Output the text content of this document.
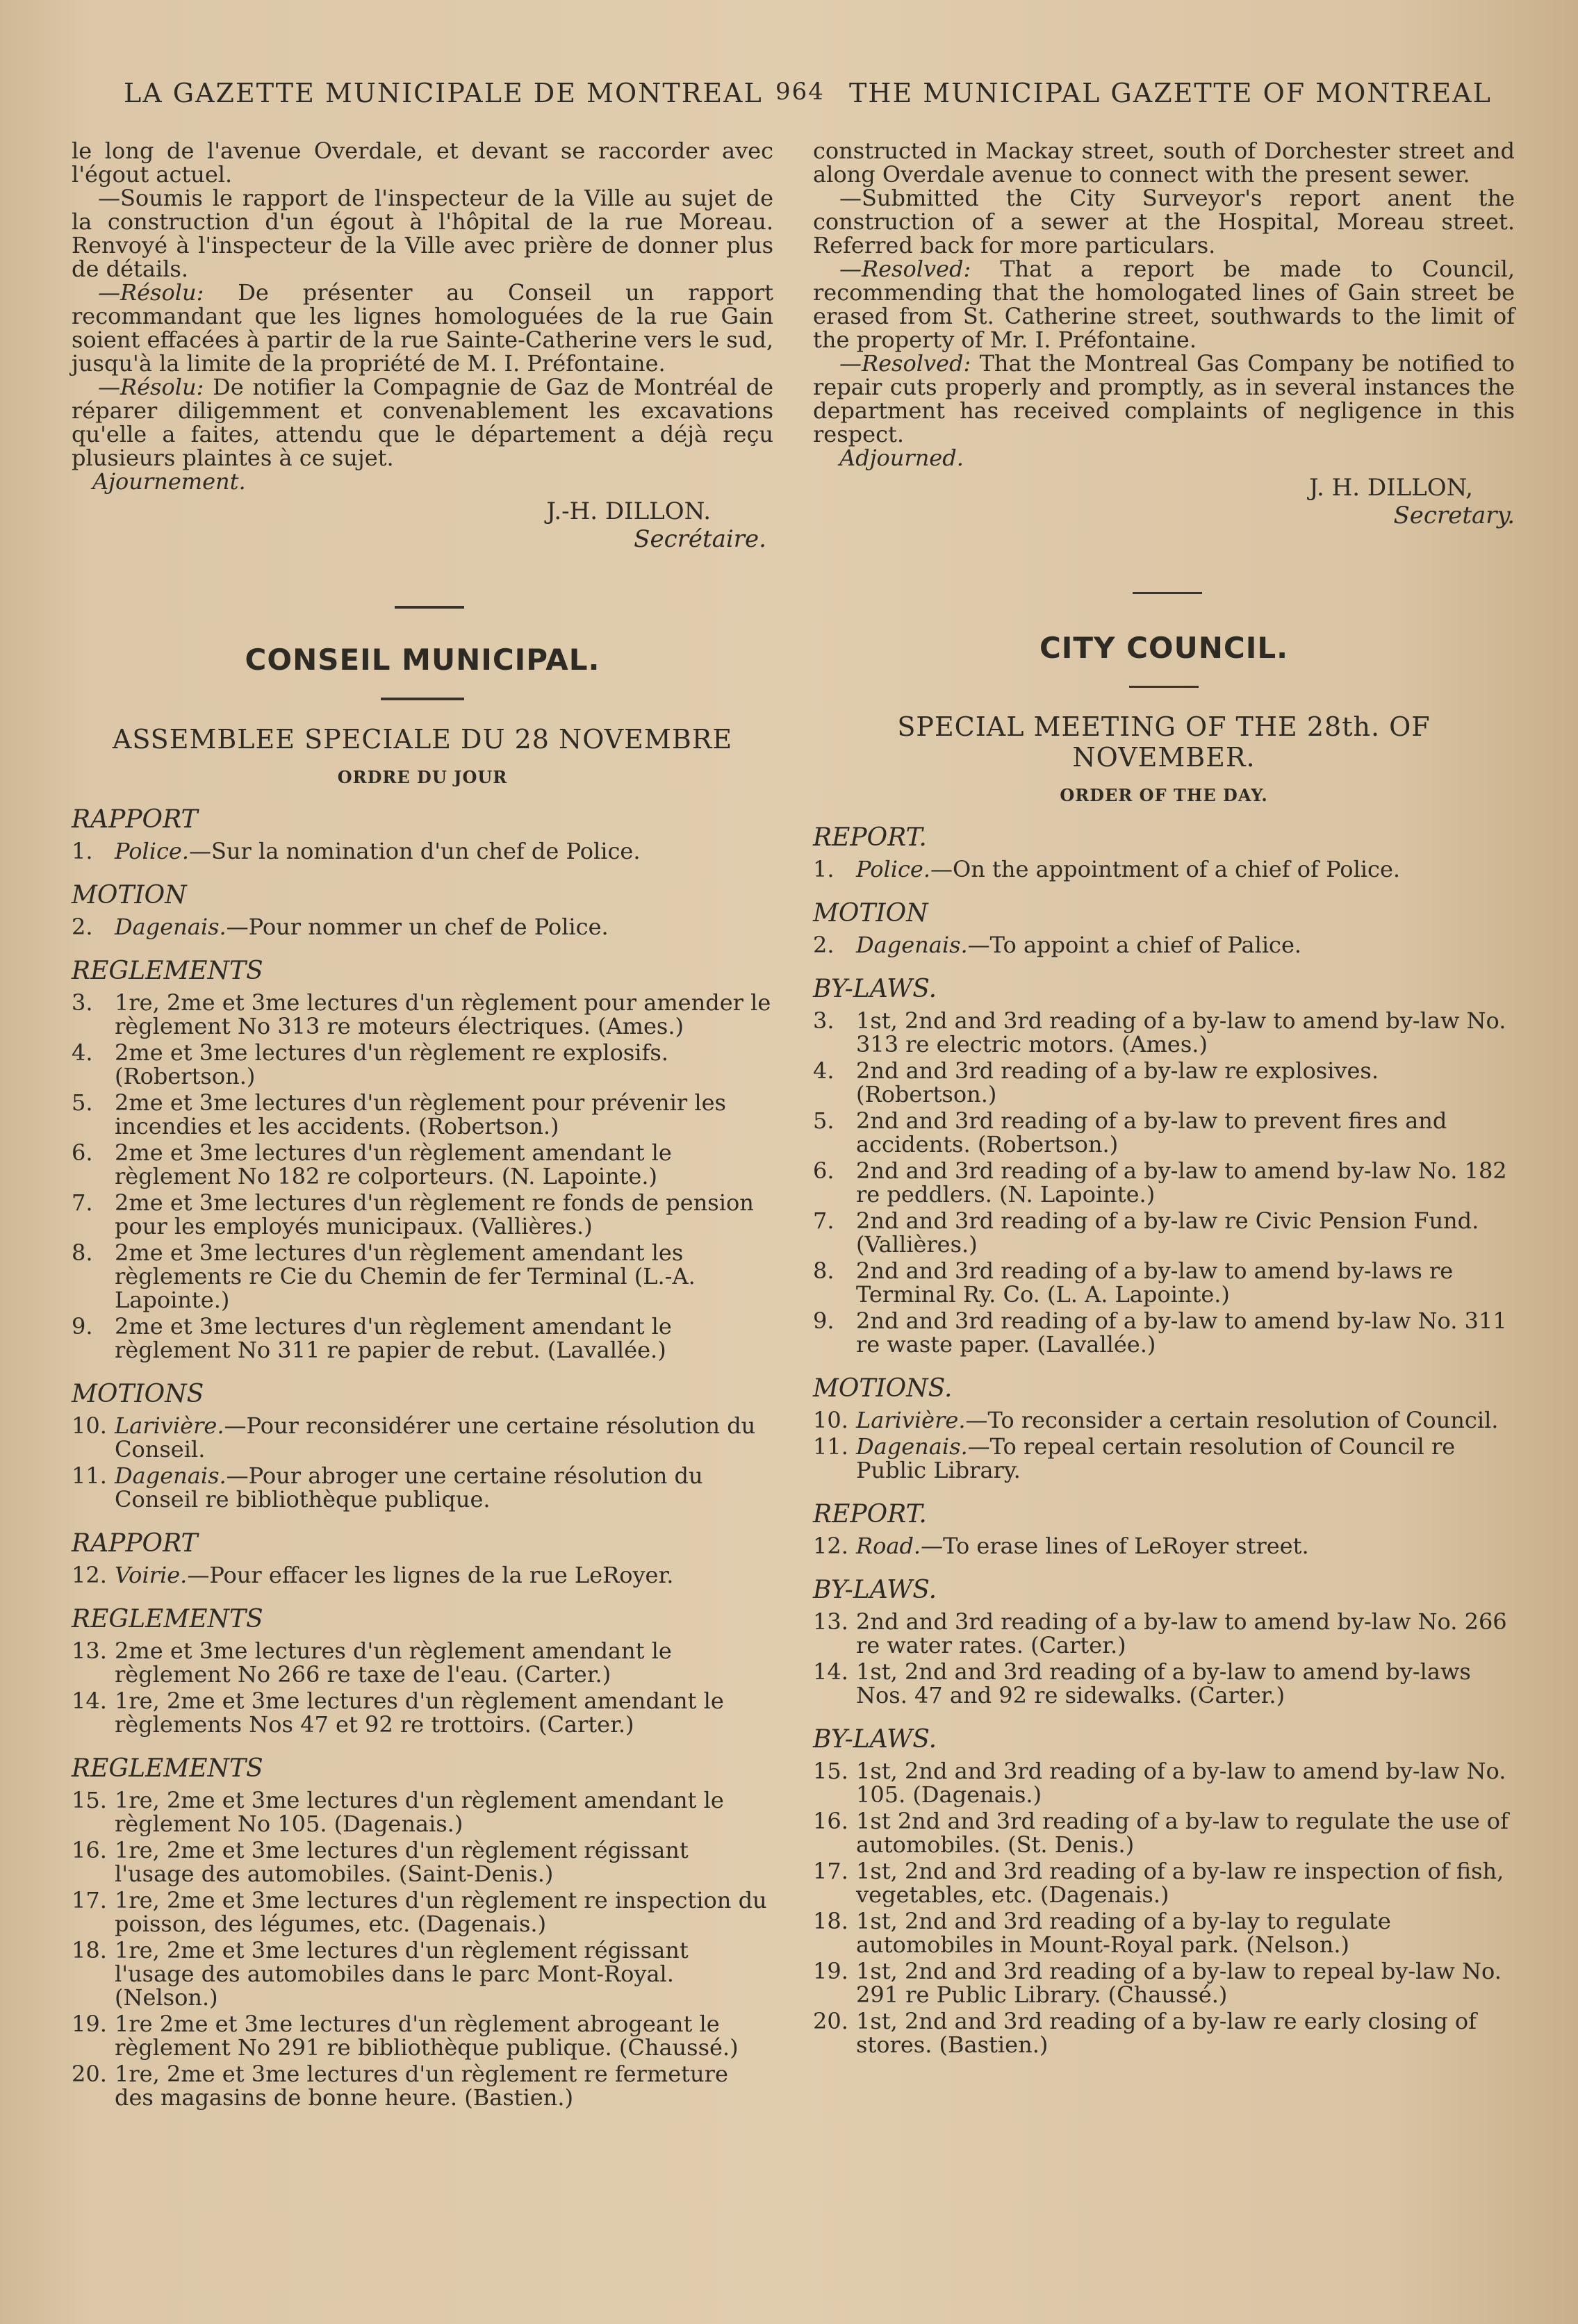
LA GAZETTE MUNICIPALE DE MONTREAL 964 THE MUNICIPAL GAZETTE OF MONTREAL

le long de l'avenue Overdale, et devant se raccorder avec l'égout actuel.

—Soumis le rapport de l'inspecteur de la Ville au sujet de la construction d'un égout à l'hôpital de la rue Moreau. Renvoyé à l'inspecteur de la Ville avec prière de donner plus de détails.

—Résolu: De présenter au Conseil un rapport recommandant que les lignes homologuées de la rue Gain soient effacées à partir de la rue Sainte-Catherine vers le sud, jusqu'à la limite de la propriété de M. I. Préfontaine.

—Résolu: De notifier la Compagnie de Gaz de Montréal de réparer diligemment et convenablement les excavations qu'elle a faites, attendu que le département a déjà reçu plusieurs plaintes à ce sujet.

Ajournement.

J.-H. DILLON.
Secrétaire.

constructed in Mackay street, south of Dorchester street and along Overdale avenue to connect with the present sewer.

—Submitted the City Surveyor's report anent the construction of a sewer at the Hospital, Moreau street. Referred back for more particulars.

—Resolved: That a report be made to Council, recommending that the homologated lines of Gain street be erased from St. Catherine street, southwards to the limit of the property of Mr. I. Préfontaine.

—Resolved: That the Montreal Gas Company be notified to repair cuts properly and promptly, as in several instances the department has received complaints of negligence in this respect.

Adjourned.

J. H. DILLON,
Secretary.
CONSEIL MUNICIPAL.
ASSEMBLEE SPECIALE DU 28 NOVEMBRE
ORDRE DU JOUR
RAPPORT
1. Police.—Sur la nomination d'un chef de Police.
MOTION
2. Dagenais.—Pour nommer un chef de Police.
REGLEMENTS
3. 1re, 2me et 3me lectures d'un règlement pour amender le règlement No 313 re moteurs électriques. (Ames.)
4. 2me et 3me lectures d'un règlement re explosifs. (Robertson.)
5. 2me et 3me lectures d'un règlement pour prévenir les incendies et les accidents. (Robertson.)
6. 2me et 3me lectures d'un règlement amendant le règlement No 182 re colporteurs. (N. Lapointe.)
7. 2me et 3me lectures d'un règlement re fonds de pension pour les employés municipaux. (Vallières.)
8. 2me et 3me lectures d'un règlement amendant les règlements re Cie du Chemin de fer Terminal (L.-A. Lapointe.)
9. 2me et 3me lectures d'un règlement amendant le règlement No 311 re papier de rebut. (Lavallée.)
MOTIONS
10. Larivière.—Pour reconsidérer une certaine résolution du Conseil.
11. Dagenais.—Pour abroger une certaine résolution du Conseil re bibliothèque publique.
RAPPORT
12. Voirie.—Pour effacer les lignes de la rue LeRoyer.
REGLEMENTS
13. 2me et 3me lectures d'un règlement amendant le règlement No 266 re taxe de l'eau. (Carter.)
14. 1re, 2me et 3me lectures d'un règlement amendant le règlements Nos 47 et 92 re trottoirs. (Carter.)
REGLEMENTS
15. 1re, 2me et 3me lectures d'un règlement amendant le règlement No 105. (Dagenais.)
16. 1re, 2me et 3me lectures d'un règlement régissant l'usage des automobiles. (Saint-Denis.)
17. 1re, 2me et 3me lectures d'un règlement re inspection du poisson, des légumes, etc. (Dagenais.)
18. 1re, 2me et 3me lectures d'un règlement régissant l'usage des automobiles dans le parc Mont-Royal. (Nelson.)
19. 1re 2me et 3me lectures d'un règlement abrogeant le règlement No 291 re bibliothèque publique. (Chaussé.)
20. 1re, 2me et 3me lectures d'un règlement re fermeture des magasins de bonne heure. (Bastien.)
CITY COUNCIL.
SPECIAL MEETING OF THE 28th. OF NOVEMBER.
ORDER OF THE DAY.
REPORT.
1. Police.—On the appointment of a chief of Police.
MOTION
2. Dagenais.—To appoint a chief of Palice.
BY-LAWS.
3. 1st, 2nd and 3rd reading of a by-law to amend by-law No. 313 re electric motors. (Ames.)
4. 2nd and 3rd reading of a by-law re explosives. (Robertson.)
5. 2nd and 3rd reading of a by-law to prevent fires and accidents. (Robertson.)
6. 2nd and 3rd reading of a by-law to amend by-law No. 182 re peddlers. (N. Lapointe.)
7. 2nd and 3rd reading of a by-law re Civic Pension Fund. (Vallières.)
8. 2nd and 3rd reading of a by-law to amend by-laws re Terminal Ry. Co. (L. A. Lapointe.)
9. 2nd and 3rd reading of a by-law to amend by-law No. 311 re waste paper. (Lavallée.)
MOTIONS.
10. Larivière.—To reconsider a certain resolution of Council.
11. Dagenais.—To repeal certain resolution of Council re Public Library.
REPORT.
12. Road.—To erase lines of LeRoyer street.
BY-LAWS.
13. 2nd and 3rd reading of a by-law to amend by-law No. 266 re water rates. (Carter.)
14. 1st, 2nd and 3rd reading of a by-law to amend by-laws Nos. 47 and 92 re sidewalks. (Carter.)
BY-LAWS.
15. 1st, 2nd and 3rd reading of a by-law to amend by-law No. 105. (Dagenais.)
16. 1st 2nd and 3rd reading of a by-law to regulate the use of automobiles. (St. Denis.)
17. 1st, 2nd and 3rd reading of a by-law re inspection of fish, vegetables, etc. (Dagenais.)
18. 1st, 2nd and 3rd reading of a by-lay to regulate automobiles in Mount-Royal park. (Nelson.)
19. 1st, 2nd and 3rd reading of a by-law to repeal by-law No. 291 re Public Library. (Chaussé.)
20. 1st, 2nd and 3rd reading of a by-law re early closing of stores. (Bastien.)
